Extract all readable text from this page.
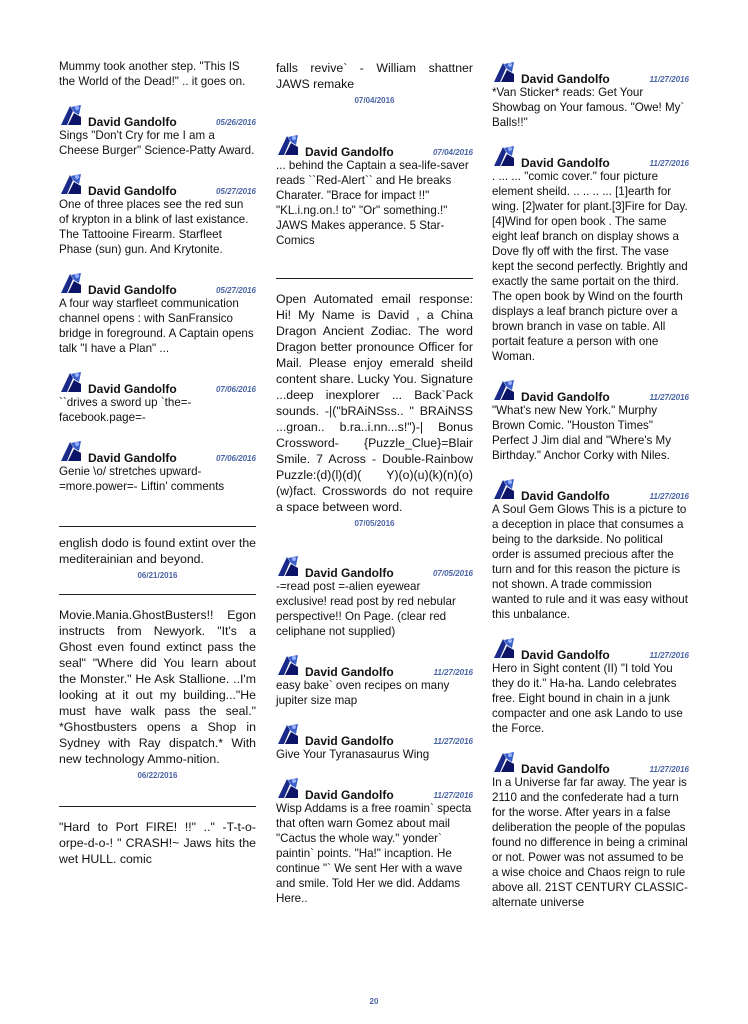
Mummy took another step. "This IS the World of the Dead!" .. it goes on.
David Gandolfo	05/26/2016
Sings "Don't Cry for me I am a Cheese Burger" Science-Patty Award.
David Gandolfo	05/27/2016
One of three places see the red sun of krypton in a blink of last existance. The Tattooine Firearm. Starfleet Phase (sun) gun. And Krytonite.
David Gandolfo	05/27/2016
A four way starfleet communication channel opens : with SanFransico bridge in foreground. A Captain opens talk "I have a Plan" ...
David Gandolfo	07/06/2016
``drives a sword up `the=-facebook.page=-
David Gandolfo	07/06/2016
Genie \o/ stretches upward-=more.power=- Liftin' comments
english dodo is found extint over the mediterainian and beyond.
06/21/2016
Movie.Mania.GhostBusters!! Egon instructs from Newyork. "It's a Ghost even found extinct pass the seal" "Where did You learn about the Monster." He Ask Stallione. ..I'm looking at it out my building..."He must have walk pass the seal." *Ghostbusters opens a Shop in Sydney with Ray dispatch.* With new technology Ammo-nition.
06/22/2016
"Hard to Port FIRE! !!" .." -T-t-o-orpe-d-o-! " CRASH!~ Jaws hits the wet HULL. comic
falls revive` - William shattner JAWS remake
07/04/2016
David Gandolfo	07/04/2016
... behind the Captain a sea-life-saver reads ``Red-Alert`` and He breaks Charater. "Brace for impact !!" "KL.i.ng.on.! to" "Or" something.!" JAWS Makes apperance. 5 Star-Comics
Open Automated email response: Hi! My Name is David , a China Dragon Ancient Zodiac. The word Dragon better pronounce Officer for Mail. Please enjoy emerald sheild content share. Lucky You. Signature ...deep inexplorer ... Back`Pack sounds. -|("bRAiNSss.. " BRAiNSS ...groan.. b.ra..i.nn...s!")-| Bonus Crossword- {Puzzle_Clue}=Blair Smile. 7 Across - Double-Rainbow Puzzle:(d)(l)(d)( Y)(o)(u)(k)(n)(o)(w)fact. Crosswords do not require a space between word.
07/05/2016
David Gandolfo	07/05/2016
-=read post =-alien eyewear exclusive! read post by red nebular perspective!! On Page. (clear red celiphane not supplied)
David Gandolfo	11/27/2016
easy bake` oven recipes on many jupiter size map
David Gandolfo	11/27/2016
Give Your Tyranasaurus Wing
David Gandolfo	11/27/2016
Wisp Addams is a free roamin` specta that often warn Gomez about mail "Cactus the whole way." yonder` paintin` points. "Ha!" incaption. He continue "` We sent Her with a wave and smile. Told Her we did. Addams Here..
David Gandolfo	11/27/2016
*Van Sticker* reads: Get Your Showbag on Your famous. "Owe! My` Balls!!"
David Gandolfo	11/27/2016
. ... ... "comic cover." four picture element sheild. .. .. .. ... [1]earth for wing. [2]water for plant.[3]Fire for Day.[4]Wind for open book . The same eight leaf branch on display shows a Dove fly off with the first. The vase kept the second perfectly. Brightly and exactly the same portait on the third. The open book by Wind on the fourth displays a leaf branch picture over a brown branch in vase on table. All portait feature a person with one Woman.
David Gandolfo	11/27/2016
"What's new New York." Murphy Brown Comic. "Houston Times" Perfect J Jim dial and "Where's My Birthday." Anchor Corky with Niles.
David Gandolfo	11/27/2016
A Soul Gem Glows This is a picture to a deception in place that consumes a being to the darkside. No political order is assumed precious after the turn and for this reason the picture is not shown. A trade commission wanted to rule and it was easy without this unbalance.
David Gandolfo	11/27/2016
Hero in Sight content (II) "I told You they do it." Ha-ha. Lando celebrates free. Eight bound in chain in a junk compacter and one ask Lando to use the Force.
David Gandolfo	11/27/2016
In a Universe far far away. The year is 2110 and the confederate had a turn for the worse. After years in a false deliberation the people of the populas found no difference in being a criminal or not. Power was not assumed to be a wise choice and Chaos reign to rule above all. 21ST CENTURY CLASSIC-alternate universe
20
